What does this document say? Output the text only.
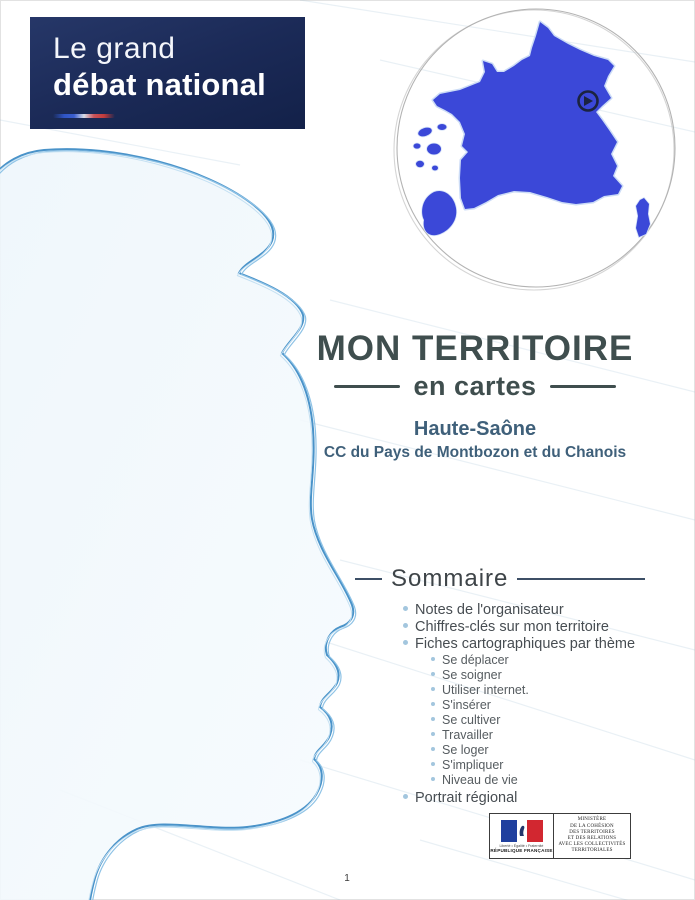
Le grand
débat national
MON TERRITOIRE
en cartes
Haute-Saône
CC du Pays de Montbozon et du Chanois
Sommaire
Notes de l'organisateur
Chiffres-clés sur mon territoire
Fiches cartographiques par thème
Se déplacer
Se soigner
Utiliser internet.
S'insérer
Se cultiver
Travailler
Se loger
S'impliquer
Niveau de vie
Portrait régional
Liberté • Égalité • Fraternité
RÉPUBLIQUE FRANÇAISE
MINISTÈRE
DE LA COHÉSION
DES TERRITOIRES
ET DES RELATIONS
AVEC LES COLLECTIVITÉS
TERRITORIALES
1
